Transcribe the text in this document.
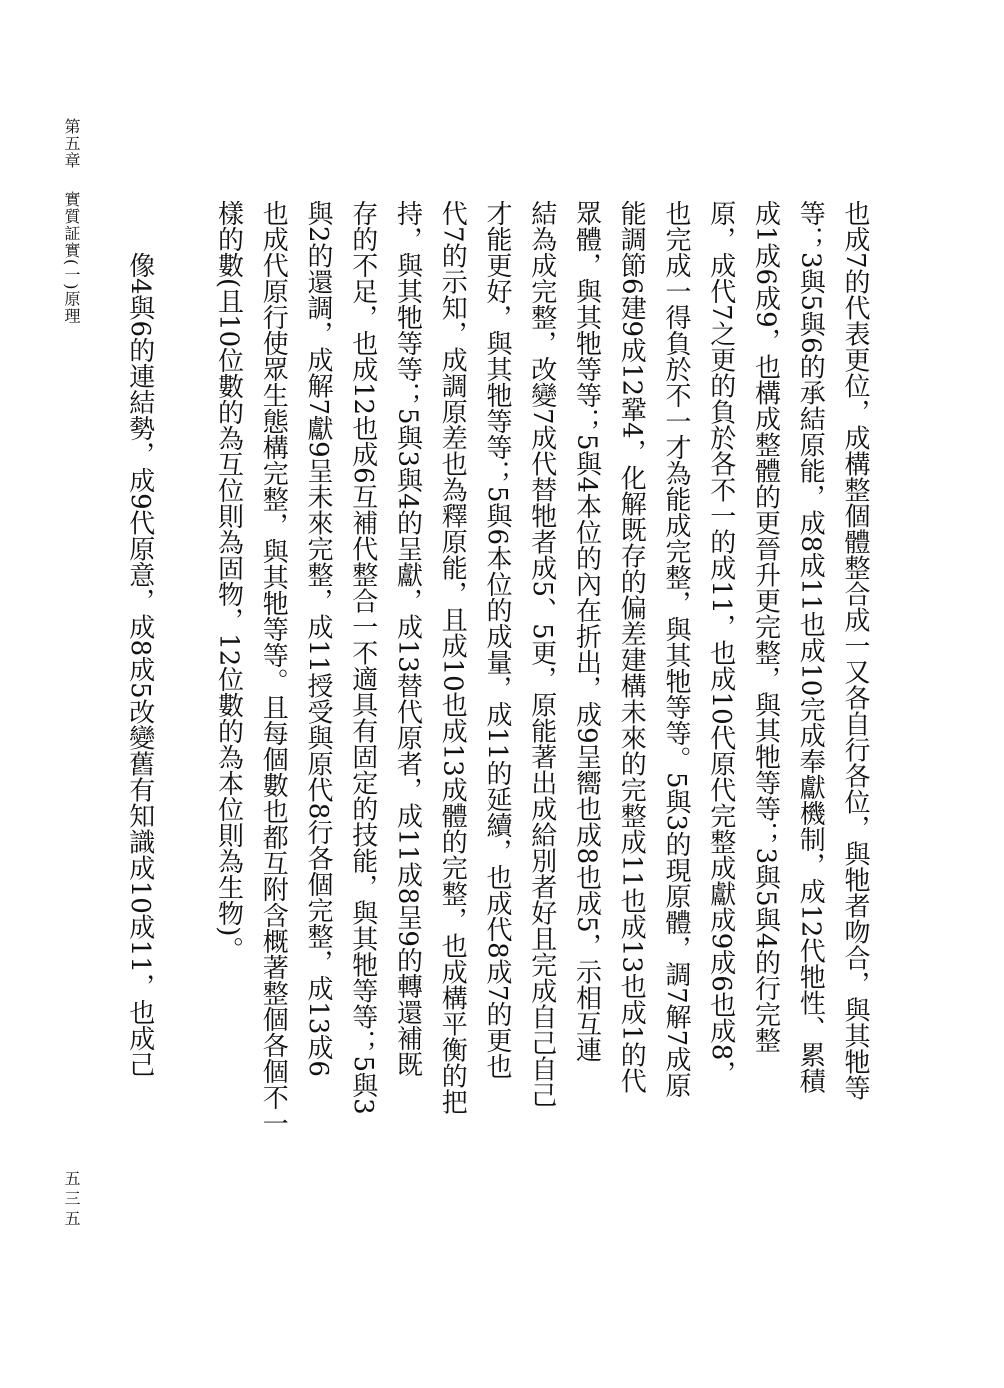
第五章實質証實(一)原理
五三五
也成7的代表更位，成構整個體整合成一又各自行各位，與牠者吻合，與其牠等
等；3與5與6的承結原能，成8成11也成10完成奉獻機制，成12代牠性、累積
成1成6成9，也構成整體的更晉升更完整，與其牠等等；3與5與4的行完整
原，成代7之更的負於各不一的成11，也成10代原代完整成獻成9成6也成8，
也完成一得負於不一才為能成完整，與其牠等等。5與3的現原體，調7解7成原
能調節6建9成12鞏4，化解既存的偏差建構未來的完整成11也成13也成1的代
眾體，與其牠等等；5與4本位的內在折出，成9呈嚮也成8也成5，示相互連
結為成完整，改變7成代替牠者成5、5更，原能著出成給別者好且完成自己自己
才能更好，與其牠等等；5與6本位的成量，成11的延續，也成代8成7的更也
代7的示知，成調原差也為釋原能，且成10也成13成體的完整，也成構平衡的把
持，與其牠等等；5與3與4的呈獻，成13替代原者，成11成8呈9的轉還補既
存的不足，也成12也成6互補代整合一不適具有固定的技能，與其牠等等；5與3
與2的還調，成解7獻9呈未來完整，成11授受與原代8行各個完整，成13成6
也成代原行使眾生態構完整，與其牠等等。且每個數也都互附含概著整個各個不一
樣的數(且10位數的為互位則為固物，12位數的為本位則為生物)。
像4與6的連結勢，成9代原意，成8成5改變舊有知識成10成11，也成己
